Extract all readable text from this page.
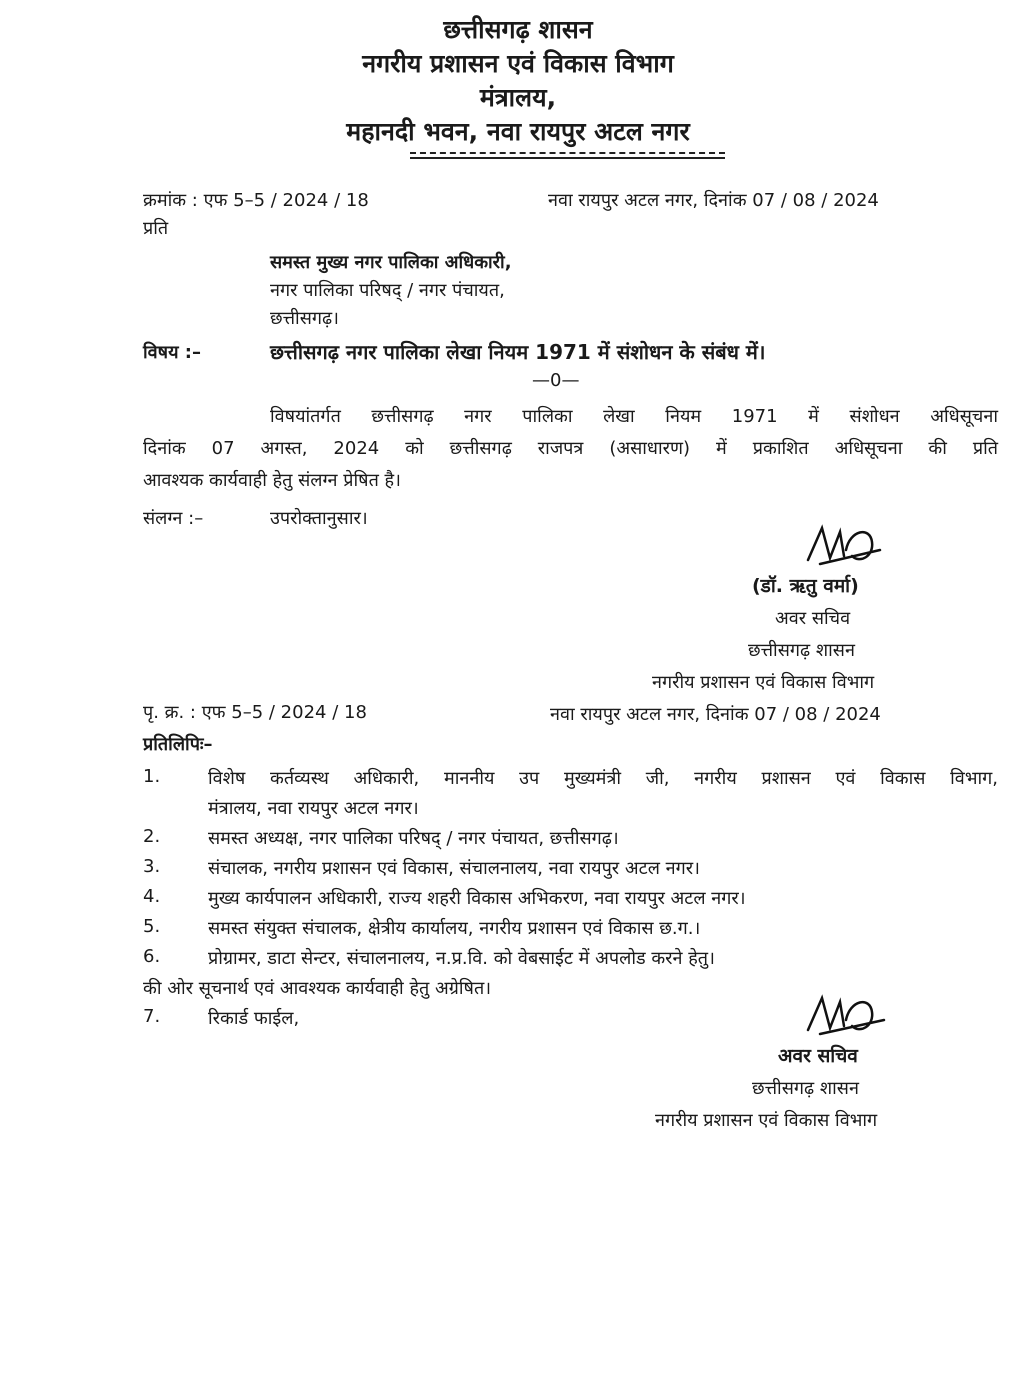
छत्तीसगढ़ शासन
नगरीय प्रशासन एवं विकास विभाग
मंत्रालय,
महानदी भवन, नवा रायपुर अटल नगर
क्रमांक : एफ 5–5 / 2024 / 18	नवा रायपुर अटल नगर, दिनांक 07 / 08 / 2024
प्रति
समस्त मुख्य नगर पालिका अधिकारी,
नगर पालिका परिषद् / नगर पंचायत,
छत्तीसगढ़।
विषय :–	छत्तीसगढ़ नगर पालिका लेखा नियम 1971 में संशोधन के संबंध में।
—0—
विषयांतर्गत छत्तीसगढ़ नगर पालिका लेखा नियम 1971 में संशोधन अधिसूचना
दिनांक 07 अगस्त, 2024 को छत्तीसगढ़ राजपत्र (असाधारण) में प्रकाशित अधिसूचना की प्रति
आवश्यक कार्यवाही हेतु संलग्न प्रेषित है।
संलग्न :–	उपरोक्तानुसार।
(डॉ. ऋतु वर्मा)
अवर सचिव
छत्तीसगढ़ शासन
नगरीय प्रशासन एवं विकास विभाग
पृ. क्र. : एफ 5–5 / 2024 / 18	नवा रायपुर अटल नगर, दिनांक 07 / 08 / 2024
प्रतिलिपिः–
1.	विशेष कर्तव्यस्थ अधिकारी, माननीय उप मुख्यमंत्री जी, नगरीय प्रशासन एवं विकास विभाग,
मंत्रालय, नवा रायपुर अटल नगर।
2.	समस्त अध्यक्ष, नगर पालिका परिषद् / नगर पंचायत, छत्तीसगढ़।
3.	संचालक, नगरीय प्रशासन एवं विकास, संचालनालय, नवा रायपुर अटल नगर।
4.	मुख्य कार्यपालन अधिकारी, राज्य शहरी विकास अभिकरण, नवा रायपुर अटल नगर।
5.	समस्त संयुक्त संचालक, क्षेत्रीय कार्यालय, नगरीय प्रशासन एवं विकास छ.ग.।
6.	प्रोग्रामर, डाटा सेन्टर, संचालनालय, न.प्र.वि. को वेबसाईट में अपलोड करने हेतु।
की ओर सूचनार्थ एवं आवश्यक कार्यवाही हेतु अग्रेषित।
7.	रिकार्ड फाईल,
अवर सचिव
छत्तीसगढ़ शासन
नगरीय प्रशासन एवं विकास विभाग
